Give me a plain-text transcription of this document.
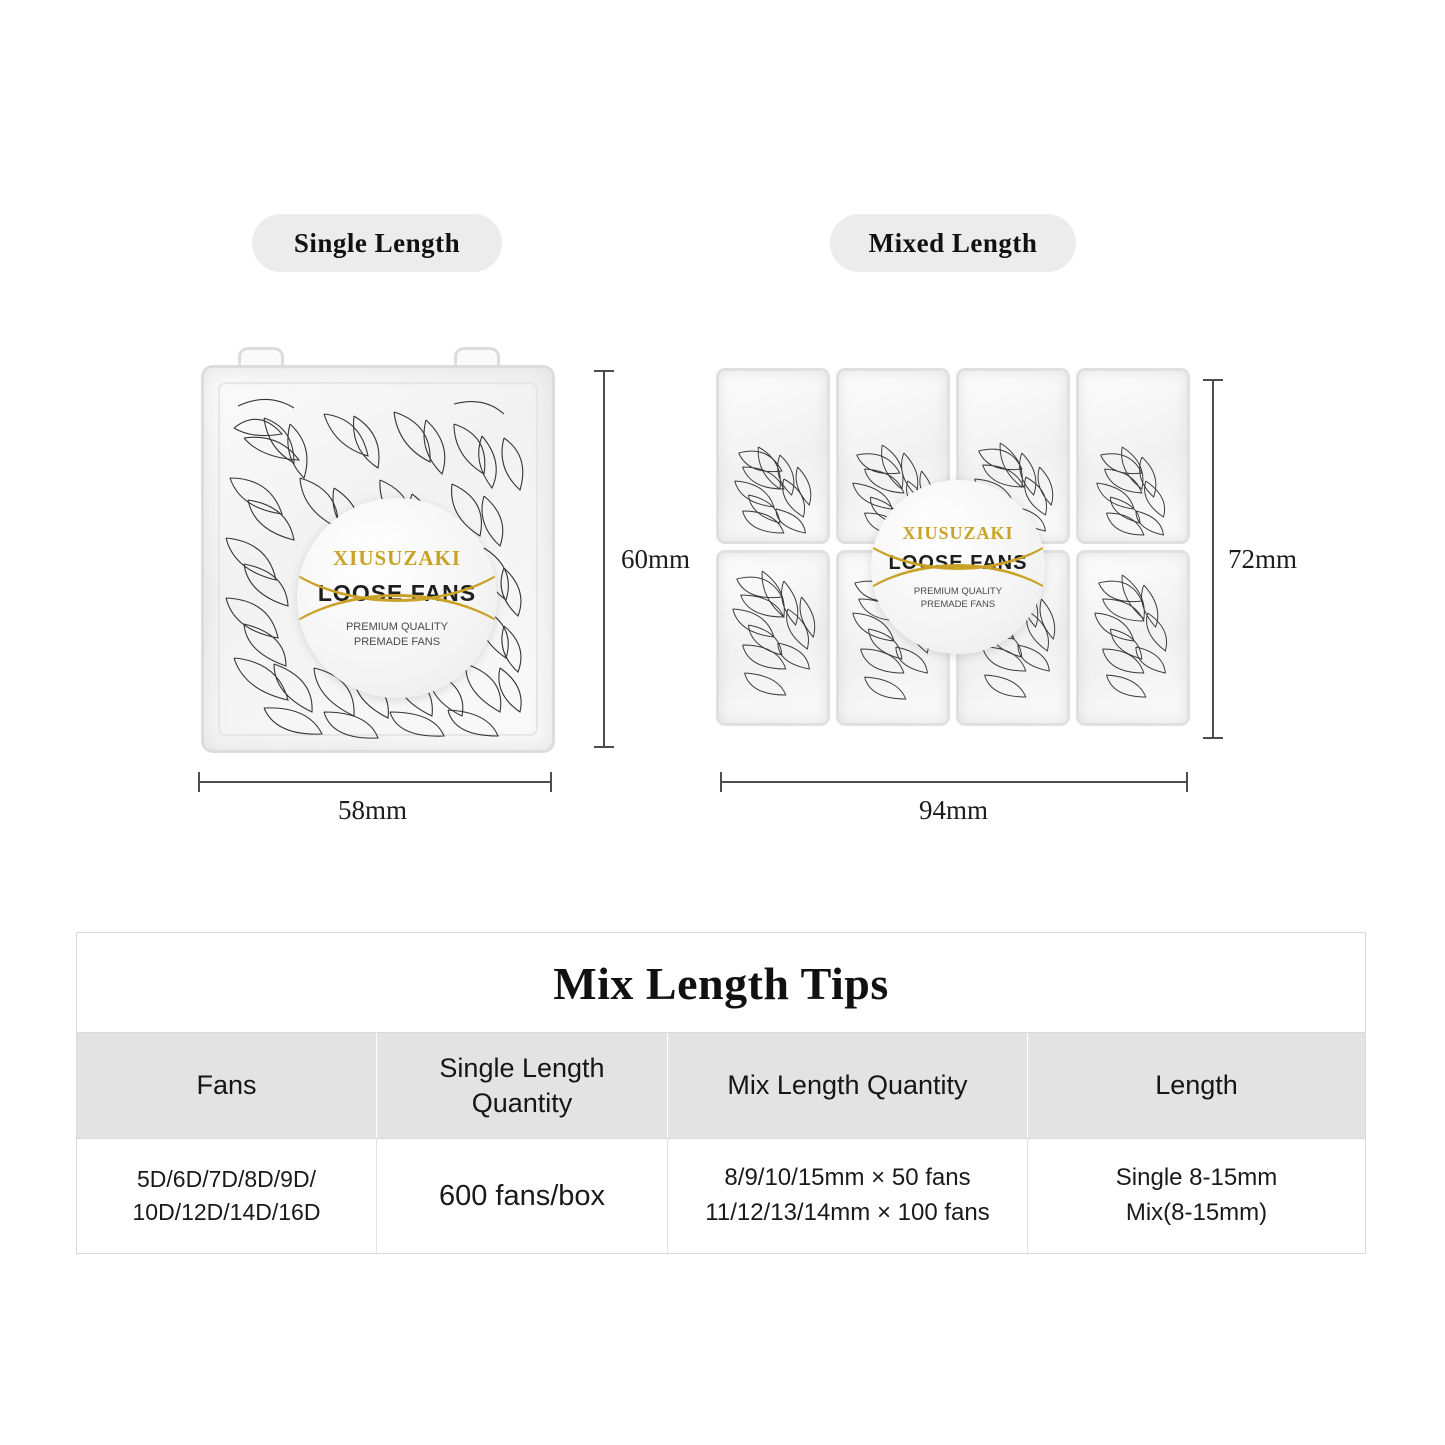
Single Length	Mixed Length
XIUSUZAKI
LOOSE FANS
PREMIUM QUALITY
PREMADE FANS
XIUSUZAKI
LOOSE FANS
PREMIUM QUALITY
PREMADE FANS
60mm
58mm
72mm
94mm
Mix Length Tips
Fans
Single Length
Quantity
Mix Length Quantity	Length
5D/6D/7D/8D/9D/
10D/12D/14D/16D
600 fans/box
8/9/10/15mm × 50 fans
11/12/13/14mm × 100 fans
Single 8-15mm
Mix(8-15mm)
